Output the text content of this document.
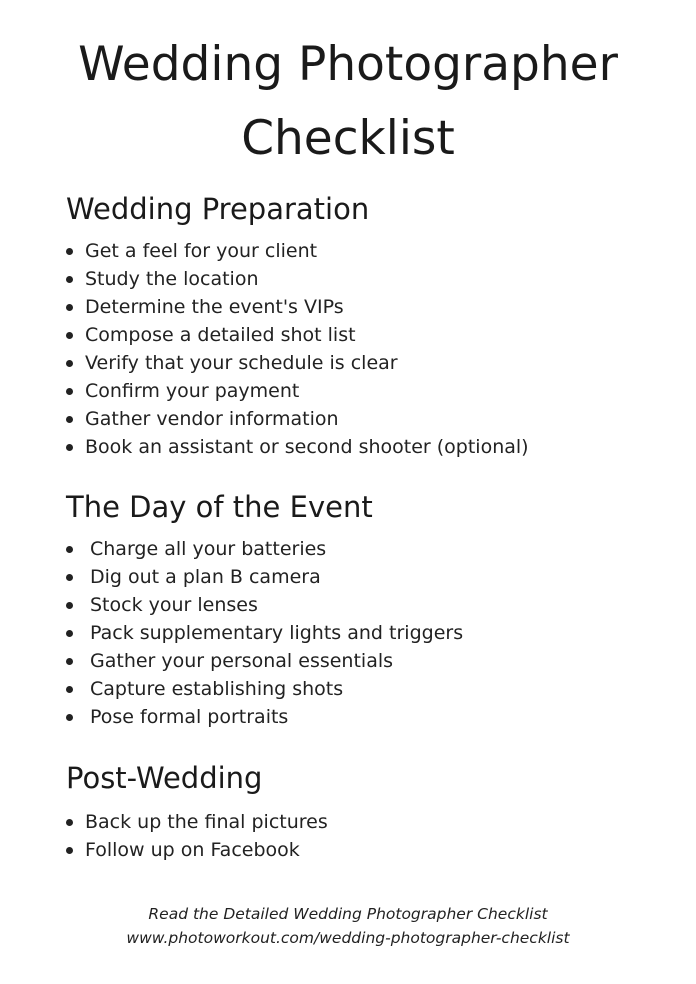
Wedding Photographer
Checklist
Wedding Preparation
Get a feel for your client
Study the location
Determine the event's VIPs
Compose a detailed shot list
Verify that your schedule is clear
Confirm your payment
Gather vendor information
Book an assistant or second shooter (optional)
The Day of the Event
Charge all your batteries
Dig out a plan B camera
Stock your lenses
Pack supplementary lights and triggers
Gather your personal essentials
Capture establishing shots
Pose formal portraits
Post-Wedding
Back up the final pictures
Follow up on Facebook

Read the Detailed Wedding Photographer Checklist

www.photoworkout.com/wedding-photographer-checklist
